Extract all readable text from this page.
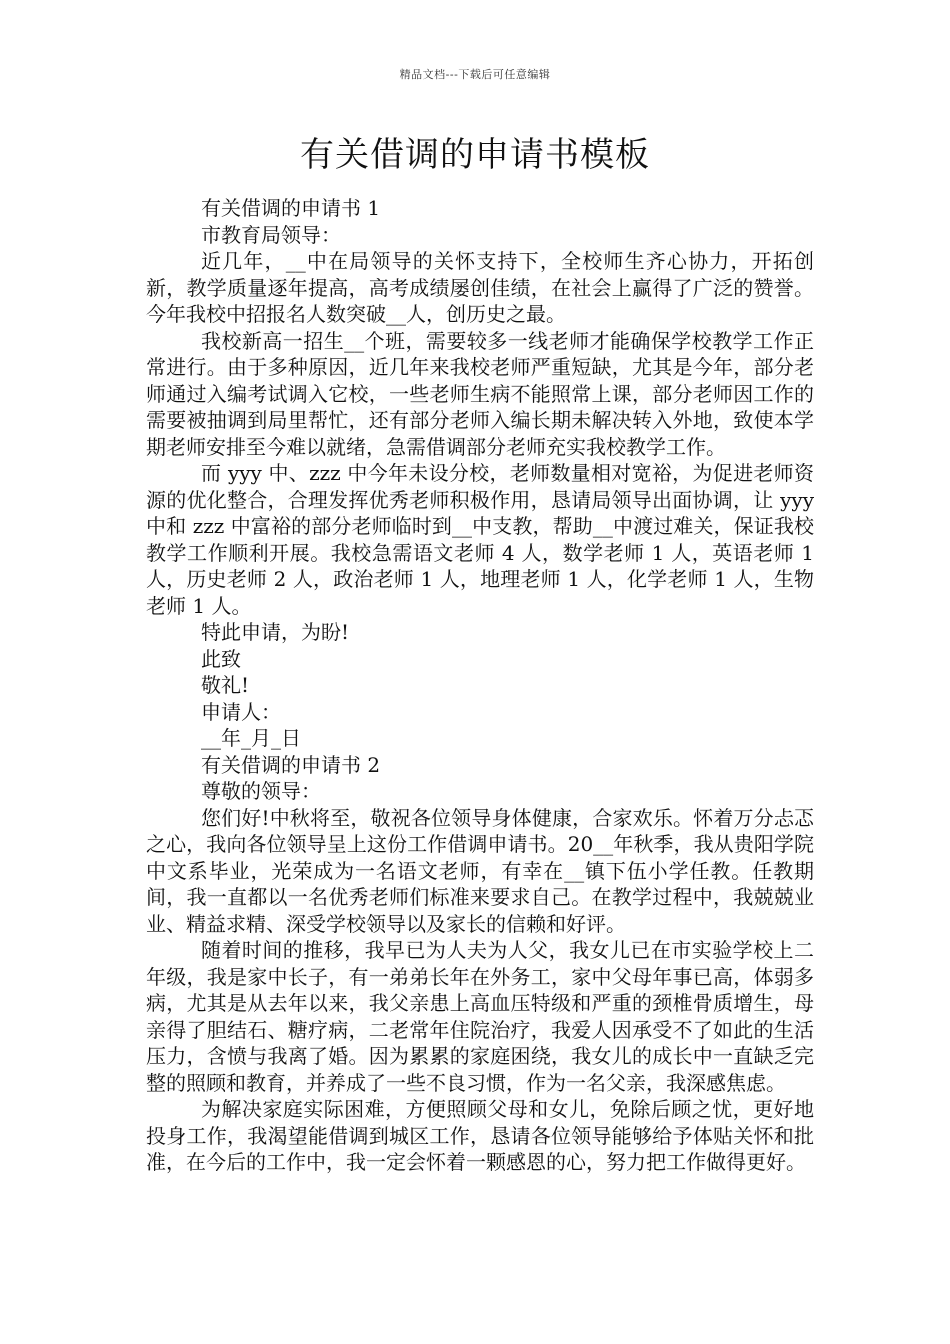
精品文档---下载后可任意编辑
有关借调的申请书模板

有关借调的申请书 1

市教育局领导：

近几年，__中在局领导的关怀支持下，全校师生齐心协力，开拓创新，教学质量逐年提高，高考成绩屡创佳绩，在社会上赢得了广泛的赞誉。今年我校中招报名人数突破__人，创历史之最。

我校新高一招生__个班，需要较多一线老师才能确保学校教学工作正常进行。由于多种原因，近几年来我校老师严重短缺，尤其是今年，部分老师通过入编考试调入它校，一些老师生病不能照常上课，部分老师因工作的需要被抽调到局里帮忙，还有部分老师入编长期未解决转入外地，致使本学期老师安排至今难以就绪，急需借调部分老师充实我校教学工作。

而 yyy 中、zzz 中今年未设分校，老师数量相对宽裕，为促进老师资源的优化整合，合理发挥优秀老师积极作用，恳请局领导出面协调，让 yyy 中和 zzz 中富裕的部分老师临时到__中支教，帮助__中渡过难关，保证我校教学工作顺利开展。我校急需语文老师 4 人，数学老师 1 人，英语老师 1 人，历史老师 2 人，政治老师 1 人，地理老师 1 人，化学老师 1 人，生物老师 1 人。

特此申请，为盼!

此致

敬礼!

申请人：

__年_月_日

有关借调的申请书 2

尊敬的领导：

您们好!中秋将至，敬祝各位领导身体健康，合家欢乐。怀着万分忐忑之心，我向各位领导呈上这份工作借调申请书。20__年秋季，我从贵阳学院中文系毕业，光荣成为一名语文老师，有幸在__镇下伍小学任教。任教期间，我一直都以一名优秀老师们标准来要求自己。在教学过程中，我兢兢业业、精益求精、深受学校领导以及家长的信赖和好评。

随着时间的推移，我早已为人夫为人父，我女儿已在市实验学校上二年级，我是家中长子，有一弟弟长年在外务工，家中父母年事已高，体弱多病，尤其是从去年以来，我父亲患上高血压特级和严重的颈椎骨质增生，母亲得了胆结石、糖疗病，二老常年住院治疗，我爱人因承受不了如此的生活压力，含愤与我离了婚。因为累累的家庭困绕，我女儿的成长中一直缺乏完整的照顾和教育，并养成了一些不良习惯，作为一名父亲，我深感焦虑。

为解决家庭实际困难，方便照顾父母和女儿，免除后顾之忧，更好地投身工作，我渴望能借调到城区工作，恳请各位领导能够给予体贴关怀和批准，在今后的工作中，我一定会怀着一颗感恩的心，努力把工作做得更好。
